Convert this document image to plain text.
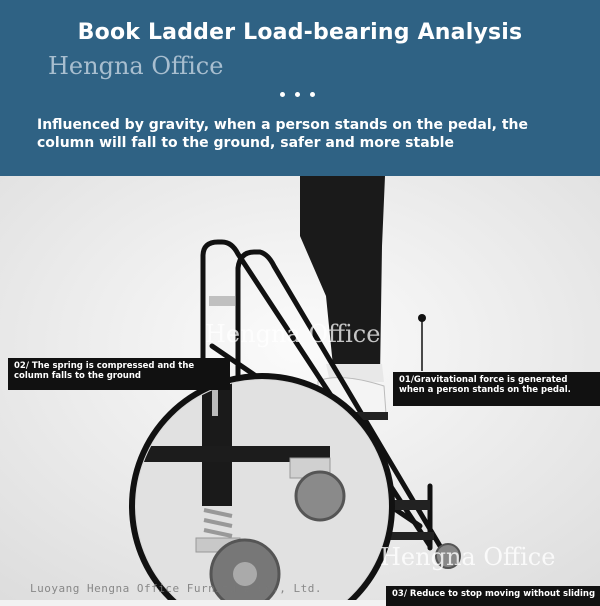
Book Ladder Load-bearing Analysis
Hengna Office
Influenced by gravity, when a person stands on the pedal, the column will fall to the ground, safer and more stable
02/ The spring is compressed and the column falls to the ground	01/Gravitational force is generated when a person stands on the pedal.
03/ Reduce to stop moving without sliding
Hengna Office
Hengna Office
Luoyang Hengna Office Furniture Co., Ltd.
